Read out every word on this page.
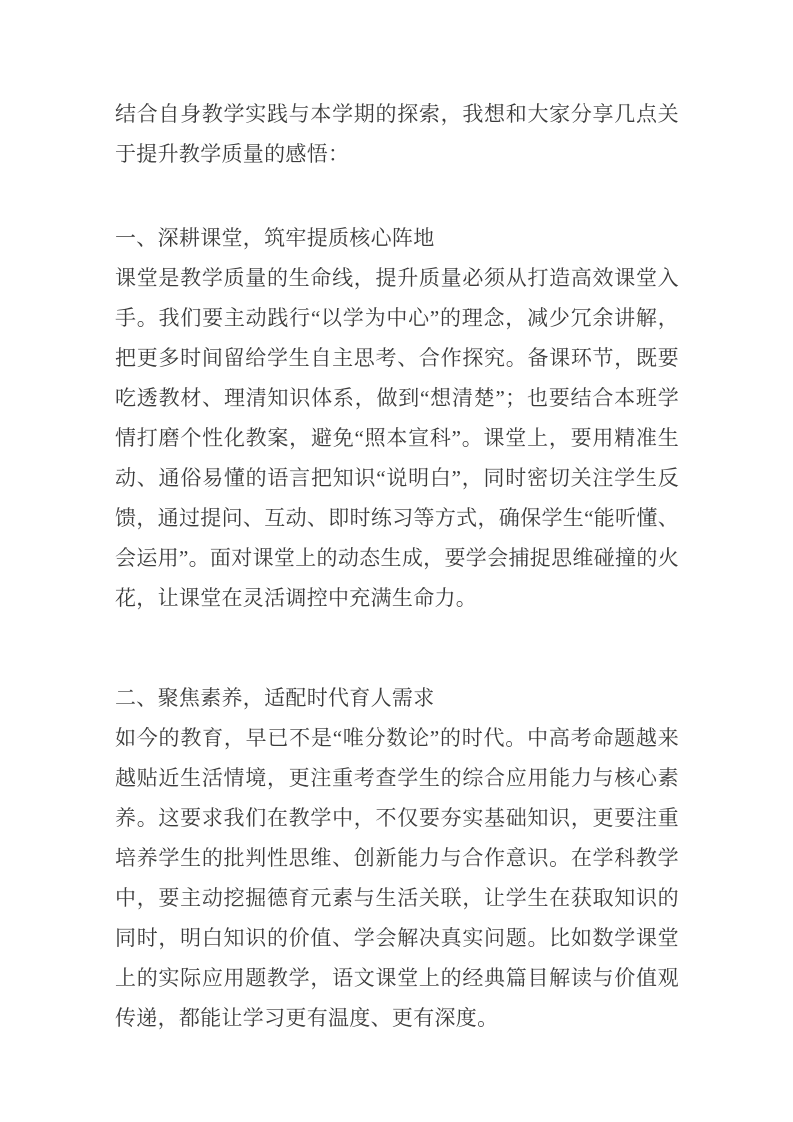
结合自身教学实践与本学期的探索，我想和大家分享几点关于提升教学质量的感悟：

一、深耕课堂，筑牢提质核心阵地

课堂是教学质量的生命线，提升质量必须从打造高效课堂入手。我们要主动践行“以学为中心”的理念，减少冗余讲解，把更多时间留给学生自主思考、合作探究。备课环节，既要吃透教材、理清知识体系，做到“想清楚”；也要结合本班学情打磨个性化教案，避免“照本宣科”。课堂上，要用精准生动、通俗易懂的语言把知识“说明白”，同时密切关注学生反馈，通过提问、互动、即时练习等方式，确保学生“能听懂、会运用”。面对课堂上的动态生成，要学会捕捉思维碰撞的火花，让课堂在灵活调控中充满生命力。

二、聚焦素养，适配时代育人需求

如今的教育，早已不是“唯分数论”的时代。中高考命题越来越贴近生活情境，更注重考查学生的综合应用能力与核心素养。这要求我们在教学中，不仅要夯实基础知识，更要注重培养学生的批判性思维、创新能力与合作意识。在学科教学中，要主动挖掘德育元素与生活关联，让学生在获取知识的同时，明白知识的价值、学会解决真实问题。比如数学课堂上的实际应用题教学，语文课堂上的经典篇目解读与价值观传递，都能让学习更有温度、更有深度。
